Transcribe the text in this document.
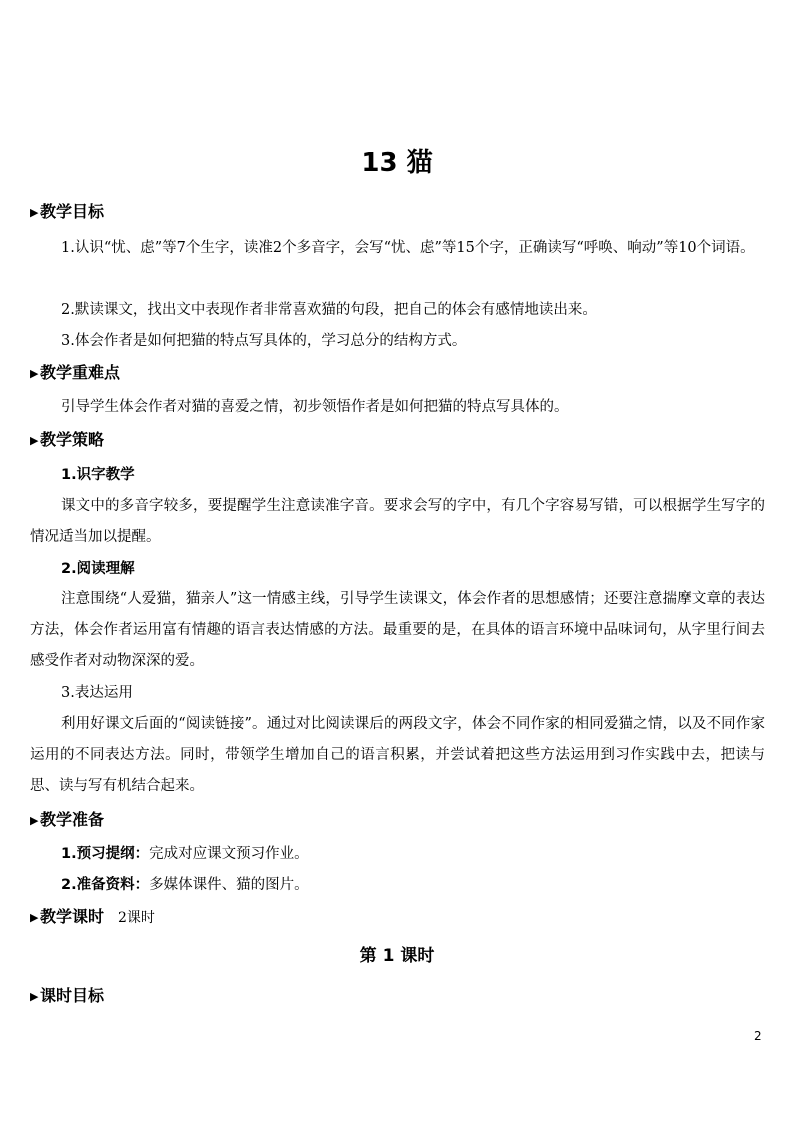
13 猫
▶教学目标
1.认识“忧、虑”等7个生字，读准2个多音字，会写“忧、虑”等15个字，正确读写“呼唤、响动”等10个词语。
2.默读课文，找出文中表现作者非常喜欢猫的句段，把自己的体会有感情地读出来。
3.体会作者是如何把猫的特点写具体的，学习总分的结构方式。
▶教学重难点
引导学生体会作者对猫的喜爱之情，初步领悟作者是如何把猫的特点写具体的。
▶教学策略
1.识字教学
课文中的多音字较多，要提醒学生注意读准字音。要求会写的字中，有几个字容易写错，可以根据学生写字的情况适当加以提醒。
2.阅读理解
注意围绕“人爱猫，猫亲人”这一情感主线，引导学生读课文，体会作者的思想感情；还要注意揣摩文章的表达方法，体会作者运用富有情趣的语言表达情感的方法。最重要的是，在具体的语言环境中品味词句，从字里行间去感受作者对动物深深的爱。
3.表达运用
利用好课文后面的“阅读链接”。通过对比阅读课后的两段文字，体会不同作家的相同爱猫之情，以及不同作家运用的不同表达方法。同时，带领学生增加自己的语言积累，并尝试着把这些方法运用到习作实践中去，把读与思、读与写有机结合起来。
▶教学准备
1.预习提纲：完成对应课文预习作业。
2.准备资料：多媒体课件、猫的图片。
▶教学课时 2课时
第 1 课时
▶课时目标
2
